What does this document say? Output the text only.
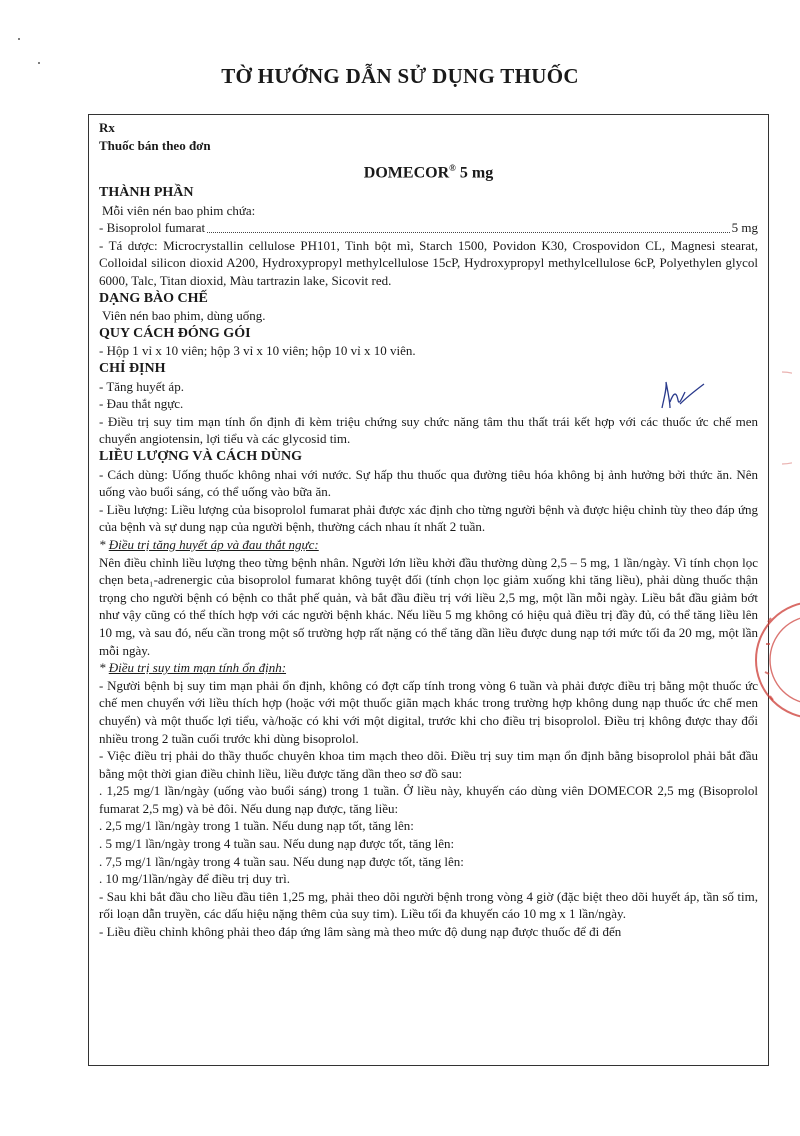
TỜ HƯỚNG DẪN SỬ DỤNG THUỐC

Rx

Thuốc bán theo đơn

DOMECOR® 5 mg

THÀNH PHẦN

Mỗi viên nén bao phim chứa:

- Bisoprolol fumarat	5 mg

- Tá dược: Microcrystallin cellulose PH101, Tinh bột mì, Starch 1500, Povidon K30, Crospovidon CL, Magnesi stearat, Colloidal silicon dioxid A200, Hydroxypropyl methylcellulose 15cP, Hydroxypropyl methylcellulose 6cP, Polyethylen glycol 6000, Talc, Titan dioxid, Màu tartrazin lake, Sicovit red.

DẠNG BÀO CHẾ

Viên nén bao phim, dùng uống.

QUY CÁCH ĐÓNG GÓI

- Hộp 1 vỉ x 10 viên; hộp 3 vỉ x 10 viên; hộp 10 vỉ x 10 viên.

CHỈ ĐỊNH

- Tăng huyết áp.

- Đau thắt ngực.

- Điều trị suy tim mạn tính ổn định đi kèm triệu chứng suy chức năng tâm thu thất trái kết hợp với các thuốc ức chế men chuyển angiotensin, lợi tiểu và các glycosid tim.

LIỀU LƯỢNG VÀ CÁCH DÙNG

- Cách dùng: Uống thuốc không nhai với nước. Sự hấp thu thuốc qua đường tiêu hóa không bị ảnh hưởng bởi thức ăn. Nên uống vào buổi sáng, có thể uống vào bữa ăn.

- Liều lượng: Liều lượng của bisoprolol fumarat phải được xác định cho từng người bệnh và được hiệu chỉnh tùy theo đáp ứng của bệnh và sự dung nạp của người bệnh, thường cách nhau ít nhất 2 tuần.

* Điều trị tăng huyết áp và đau thắt ngực:

Nên điều chỉnh liều lượng theo từng bệnh nhân. Người lớn liều khởi đầu thường dùng 2,5 – 5 mg, 1 lần/ngày. Vì tính chọn lọc chẹn beta₁-adrenergic của bisoprolol fumarat không tuyệt đối (tính chọn lọc giảm xuống khi tăng liều), phải dùng thuốc thận trọng cho người bệnh có bệnh co thắt phế quản, và bắt đầu điều trị với liều 2,5 mg, một lần mỗi ngày. Liều bắt đầu giảm bớt như vậy cũng có thể thích hợp với các người bệnh khác. Nếu liều 5 mg không có hiệu quả điều trị đầy đủ, có thể tăng liều lên 10 mg, và sau đó, nếu cần trong một số trường hợp rất nặng có thể tăng dần liều được dung nạp tới mức tối đa 20 mg, một lần mỗi ngày.

* Điều trị suy tim mạn tính ổn định:

- Người bệnh bị suy tim mạn phải ổn định, không có đợt cấp tính trong vòng 6 tuần và phải được điều trị bằng một thuốc ức chế men chuyển với liều thích hợp (hoặc với một thuốc giãn mạch khác trong trường hợp không dung nạp thuốc ức chế men chuyển) và một thuốc lợi tiểu, và/hoặc có khi với một digital, trước khi cho điều trị bisoprolol. Điều trị không được thay đổi nhiều trong 2 tuần cuối trước khi dùng bisoprolol.

- Việc điều trị phải do thầy thuốc chuyên khoa tim mạch theo dõi. Điều trị suy tim mạn ổn định bằng bisoprolol phải bắt đầu bằng một thời gian điều chỉnh liều, liều được tăng dần theo sơ đồ sau:

. 1,25 mg/1 lần/ngày (uống vào buổi sáng) trong 1 tuần. Ở liều này, khuyến cáo dùng viên DOMECOR 2,5 mg (Bisoprolol fumarat 2,5 mg) và bẻ đôi. Nếu dung nạp được, tăng liều:

. 2,5 mg/1 lần/ngày trong 1 tuần. Nếu dung nạp tốt, tăng lên:

. 5 mg/1 lần/ngày trong 4 tuần sau. Nếu dung nạp được tốt, tăng lên:

. 7,5 mg/1 lần/ngày trong 4 tuần sau. Nếu dung nạp được tốt, tăng lên:

. 10 mg/1lần/ngày để điều trị duy trì.

- Sau khi bắt đầu cho liều đầu tiên 1,25 mg, phải theo dõi người bệnh trong vòng 4 giờ (đặc biệt theo dõi huyết áp, tần số tim, rối loạn dẫn truyền, các dấu hiệu nặng thêm của suy tim). Liều tối đa khuyến cáo 10 mg x 1 lần/ngày.

- Liều điều chỉnh không phải theo đáp ứng lâm sàng mà theo mức độ dung nạp được thuốc để đi đến
